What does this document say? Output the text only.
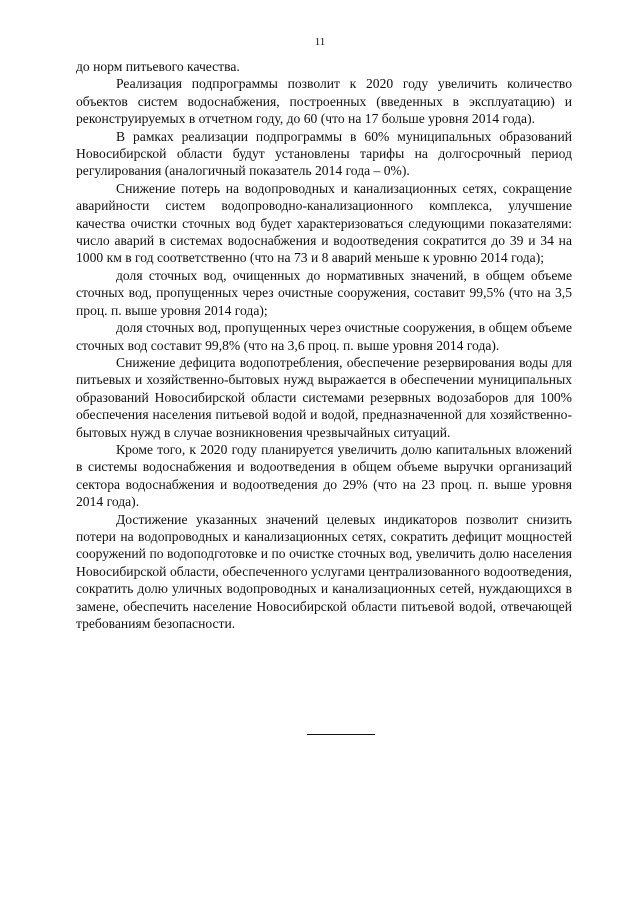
11

до норм питьевого качества.

Реализация подпрограммы позволит к 2020 году увеличить количество объектов систем водоснабжения, построенных (введенных в эксплуатацию) и реконструируемых в отчетном году, до 60 (что на 17 больше уровня 2014 года).

В рамках реализации подпрограммы в 60% муниципальных образований Новосибирской области будут установлены тарифы на долгосрочный период регулирования (аналогичный показатель 2014 года – 0%).

Снижение потерь на водопроводных и канализационных сетях, сокращение аварийности систем водопроводно-канализационного комплекса, улучшение качества очистки сточных вод будет характеризоваться следующими показателями: число аварий в системах водоснабжения и водоотведения сократится до 39 и 34 на 1000 км в год соответственно (что на 73 и 8 аварий меньше к уровню 2014 года);

доля сточных вод, очищенных до нормативных значений, в общем объеме сточных вод, пропущенных через очистные сооружения, составит 99,5% (что на 3,5 проц. п. выше уровня 2014 года);

доля сточных вод, пропущенных через очистные сооружения, в общем объеме сточных вод составит 99,8% (что на 3,6 проц. п. выше уровня 2014 года).

Снижение дефицита водопотребления, обеспечение резервирования воды для питьевых и хозяйственно-бытовых нужд выражается в обеспечении муниципальных образований Новосибирской области системами резервных водозаборов для 100% обеспечения населения питьевой водой и водой, предназначенной для хозяйственно-бытовых нужд в случае возникновения чрезвычайных ситуаций.

Кроме того, к 2020 году планируется увеличить долю капитальных вложений в системы водоснабжения и водоотведения в общем объеме выручки организаций сектора водоснабжения и водоотведения до 29% (что на 23 проц. п. выше уровня 2014 года).

Достижение указанных значений целевых индикаторов позволит снизить потери на водопроводных и канализационных сетях, сократить дефицит мощностей сооружений по водоподготовке и по очистке сточных вод, увеличить долю населения Новосибирской области, обеспеченного услугами централизованного водоотведения, сократить долю уличных водопроводных и канализационных сетей, нуждающихся в замене, обеспечить население Новосибирской области питьевой водой, отвечающей требованиям безопасности.
